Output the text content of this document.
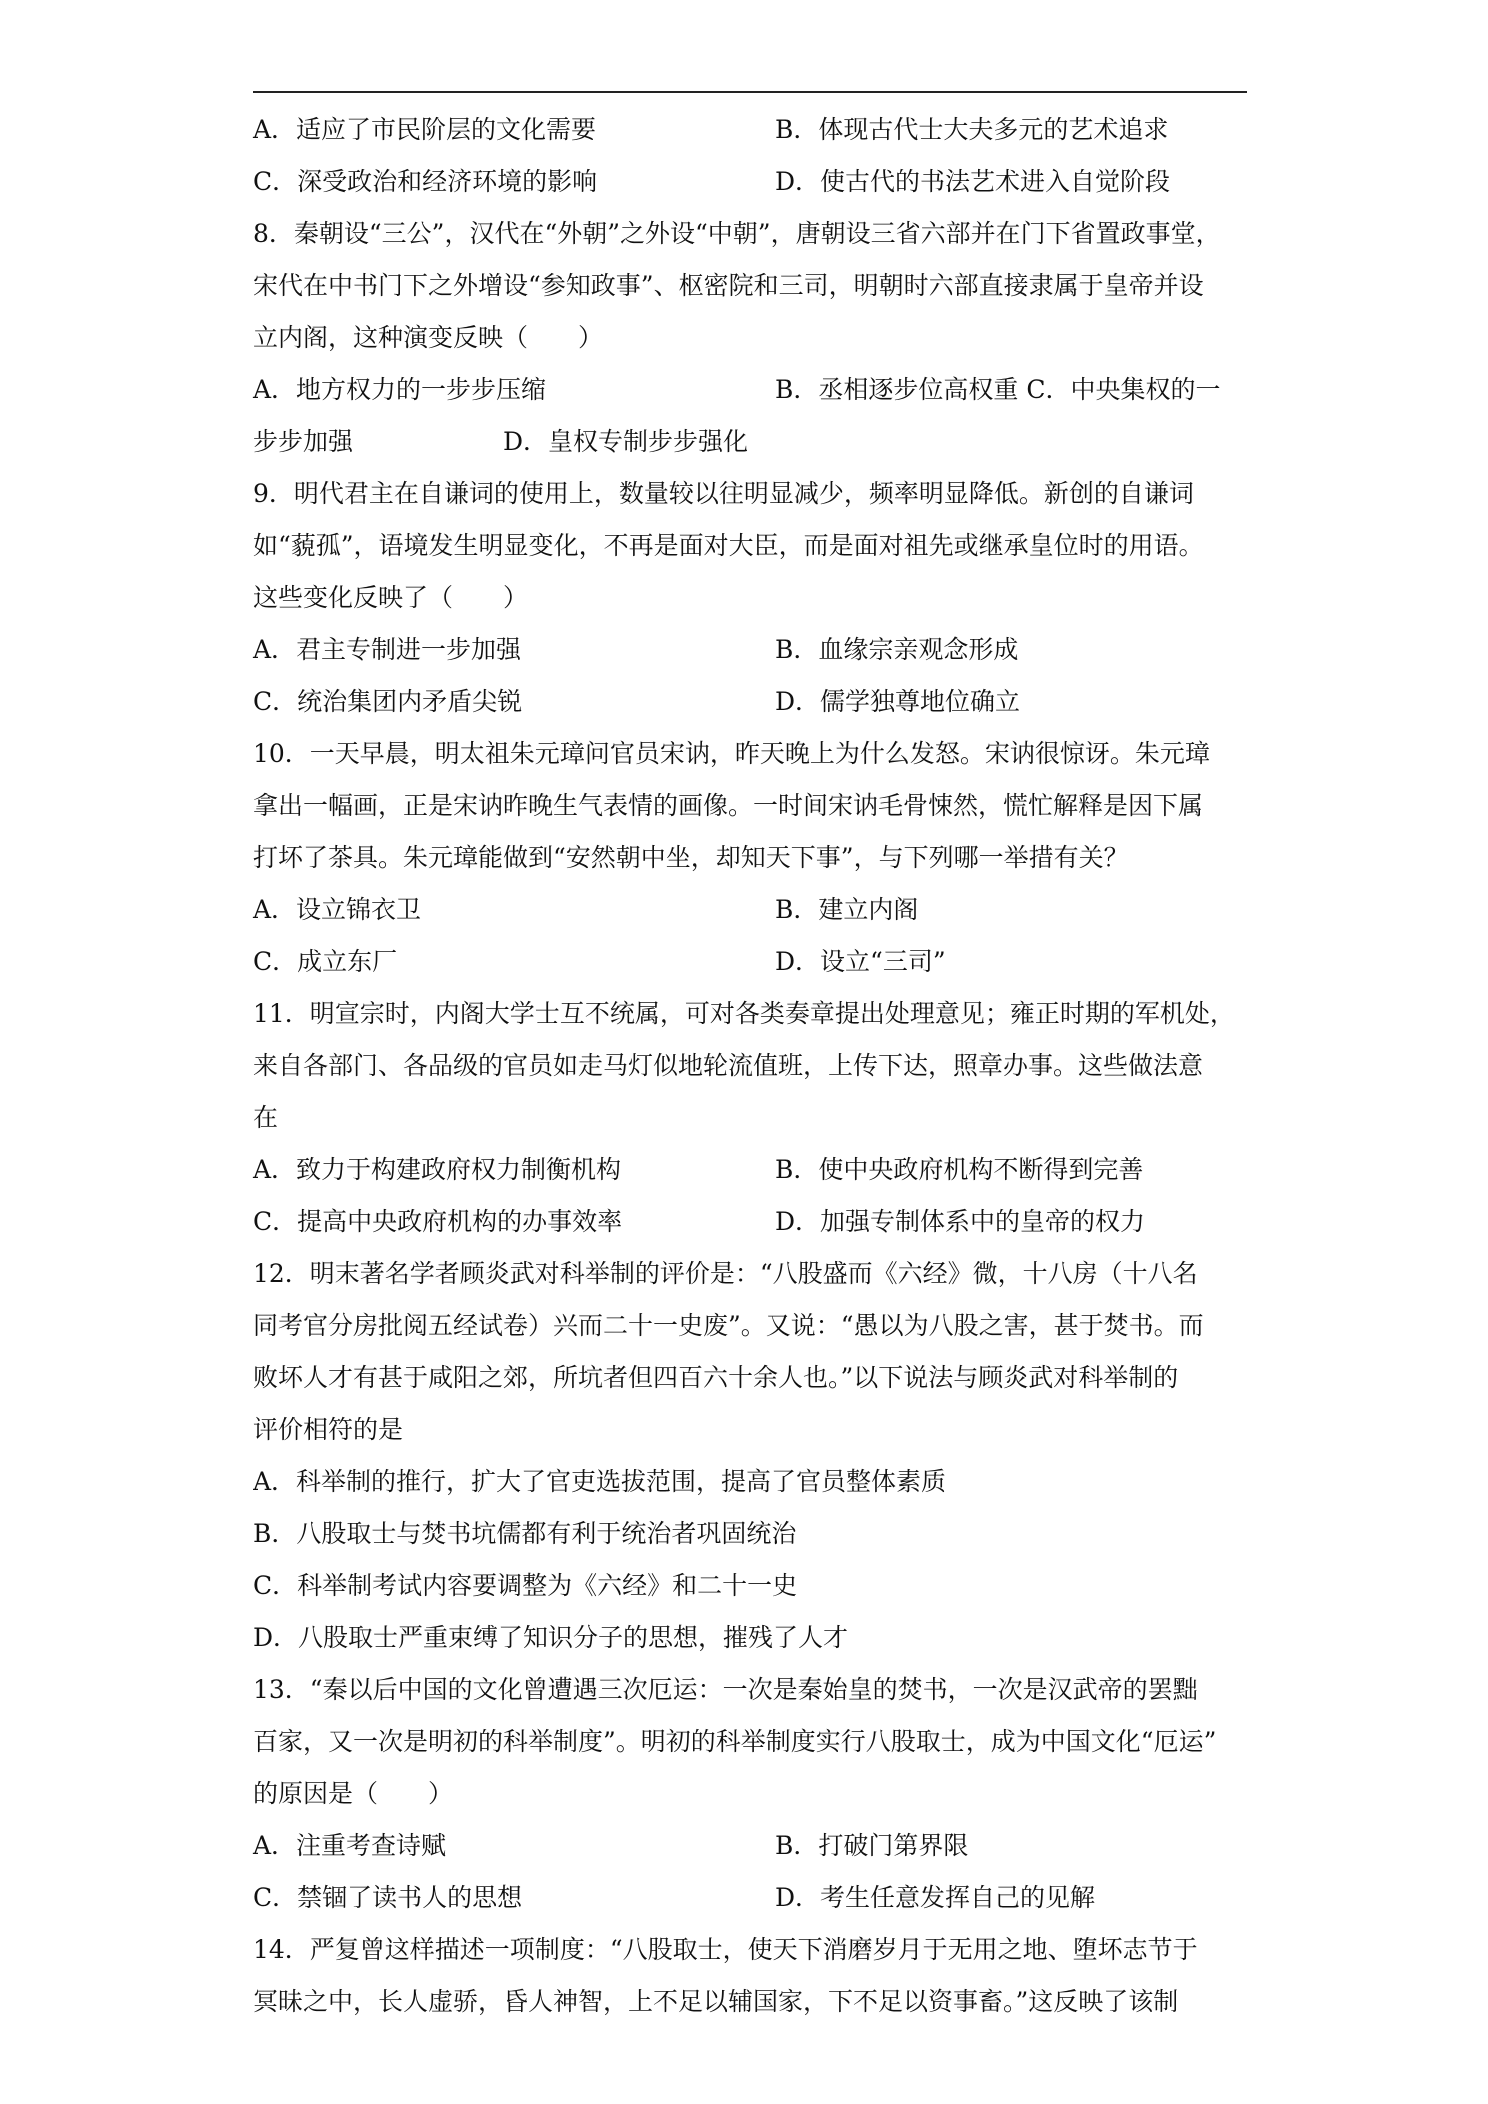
A．适应了市民阶层的文化需要	B．体现古代士大夫多元的艺术追求
C．深受政治和经济环境的影响	D．使古代的书法艺术进入自觉阶段
8．秦朝设“三公”，汉代在“外朝”之外设“中朝”，唐朝设三省六部并在门下省置政事堂，
宋代在中书门下之外增设“参知政事”、枢密院和三司，明朝时六部直接隶属于皇帝并设
立内阁，这种演变反映（　　）
A．地方权力的一步步压缩	B．丞相逐步位高权重 C．中央集权的一
步步加强　　　　　　D．皇权专制步步强化
9．明代君主在自谦词的使用上，数量较以往明显减少，频率明显降低。新创的自谦词
如“藐孤”，语境发生明显变化，不再是面对大臣，而是面对祖先或继承皇位时的用语。
这些变化反映了（　　）
A．君主专制进一步加强	B．血缘宗亲观念形成
C．统治集团内矛盾尖锐	D．儒学独尊地位确立
10．一天早晨，明太祖朱元璋问官员宋讷，昨天晚上为什么发怒。宋讷很惊讶。朱元璋
拿出一幅画，正是宋讷昨晚生气表情的画像。一时间宋讷毛骨悚然，慌忙解释是因下属
打坏了茶具。朱元璋能做到“安然朝中坐，却知天下事”，与下列哪一举措有关？
A．设立锦衣卫	B．建立内阁
C．成立东厂	D．设立“三司”
11．明宣宗时，内阁大学士互不统属，可对各类奏章提出处理意见；雍正时期的军机处，
来自各部门、各品级的官员如走马灯似地轮流值班，上传下达，照章办事。这些做法意
在
A．致力于构建政府权力制衡机构	B．使中央政府机构不断得到完善
C．提高中央政府机构的办事效率	D．加强专制体系中的皇帝的权力
12．明末著名学者顾炎武对科举制的评价是：“八股盛而《六经》微，十八房（十八名
同考官分房批阅五经试卷）兴而二十一史废”。又说：“愚以为八股之害，甚于焚书。而
败坏人才有甚于咸阳之郊，所坑者但四百六十余人也。”以下说法与顾炎武对科举制的
评价相符的是
A．科举制的推行，扩大了官吏选拔范围，提高了官员整体素质
B．八股取士与焚书坑儒都有利于统治者巩固统治
C．科举制考试内容要调整为《六经》和二十一史
D．八股取士严重束缚了知识分子的思想，摧残了人才
13．“秦以后中国的文化曾遭遇三次厄运：一次是秦始皇的焚书，一次是汉武帝的罢黜
百家，又一次是明初的科举制度”。明初的科举制度实行八股取士，成为中国文化“厄运”
的原因是（　　）
A．注重考查诗赋	B．打破门第界限
C．禁锢了读书人的思想	D．考生任意发挥自己的见解
14．严复曾这样描述一项制度：“八股取士，使天下消磨岁月于无用之地、堕坏志节于
冥昧之中，长人虚骄，昏人神智，上不足以辅国家，下不足以资事畜。”这反映了该制
